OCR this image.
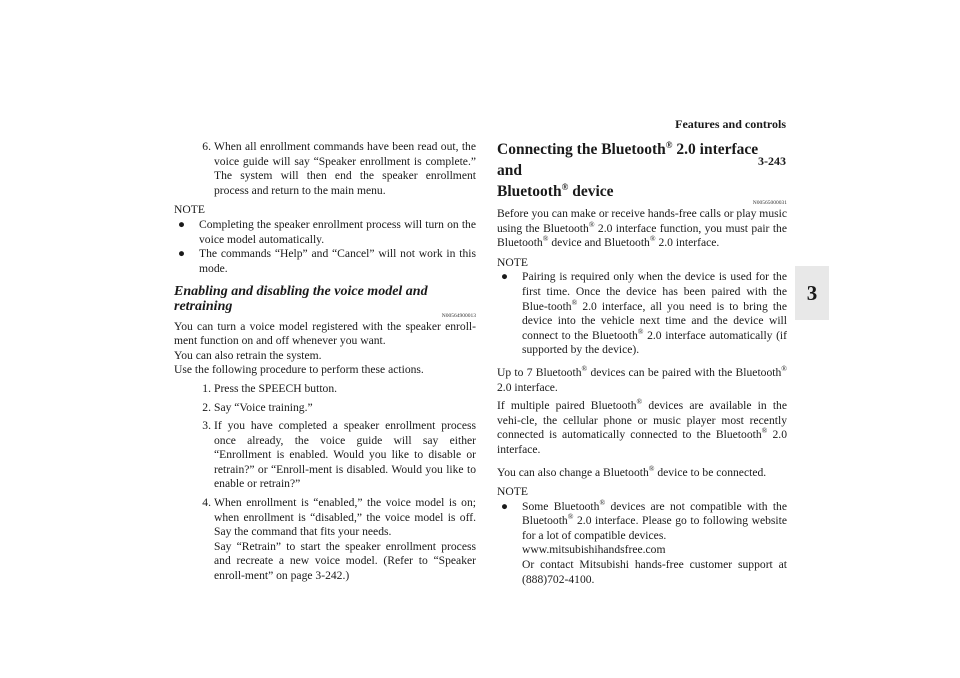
Features and controls
3-243
3
6. When all enrollment commands have been read out, the voice guide will say “Speaker enrollment is complete.” The system will then end the speaker enrollment process and return to the main menu.

NOTE

●	Completing the speaker enrollment process will turn on the voice model automatically.
●	The commands “Help” and “Cancel” will not work in this mode.
Enabling and disabling the voice model and retraining
N00564900013

You can turn a voice model registered with the speaker enroll-ment function on and off whenever you want.

You can also retrain the system.

Use the following procedure to perform these actions.

1. Press the SPEECH button.
2. Say “Voice training.”
3. If you have completed a speaker enrollment process once already, the voice guide will say either “Enrollment is enabled. Would you like to disable or retrain?” or “Enroll-ment is disabled. Would you like to enable or retrain?”
4. When enrollment is “enabled,” the voice model is on; when enrollment is “disabled,” the voice model is off. Say the command that fits your needs.
Say “Retrain” to start the speaker enrollment process and recreate a new voice model. (Refer to “Speaker enroll-ment” on page 3-242.)
Connecting the Bluetooth® 2.0 interface and
Bluetooth® device
N00565000031

Before you can make or receive hands-free calls or play music using the Bluetooth® 2.0 interface function, you must pair the Bluetooth® device and Bluetooth® 2.0 interface.

NOTE

●	Pairing is required only when the device is used for the first time. Once the device has been paired with the Blue-tooth® 2.0 interface, all you need is to bring the device into the vehicle next time and the device will connect to the Bluetooth® 2.0 interface automatically (if supported by the device).

Up to 7 Bluetooth® devices can be paired with the Bluetooth® 2.0 interface.

If multiple paired Bluetooth® devices are available in the vehi-cle, the cellular phone or music player most recently connected is automatically connected to the Bluetooth® 2.0 interface.

You can also change a Bluetooth® device to be connected.

NOTE

●	Some Bluetooth® devices are not compatible with the Bluetooth® 2.0 interface. Please go to following website for a lot of compatible devices.
www.mitsubishihandsfree.com
Or contact Mitsubishi hands-free customer support at (888)702-4100.
